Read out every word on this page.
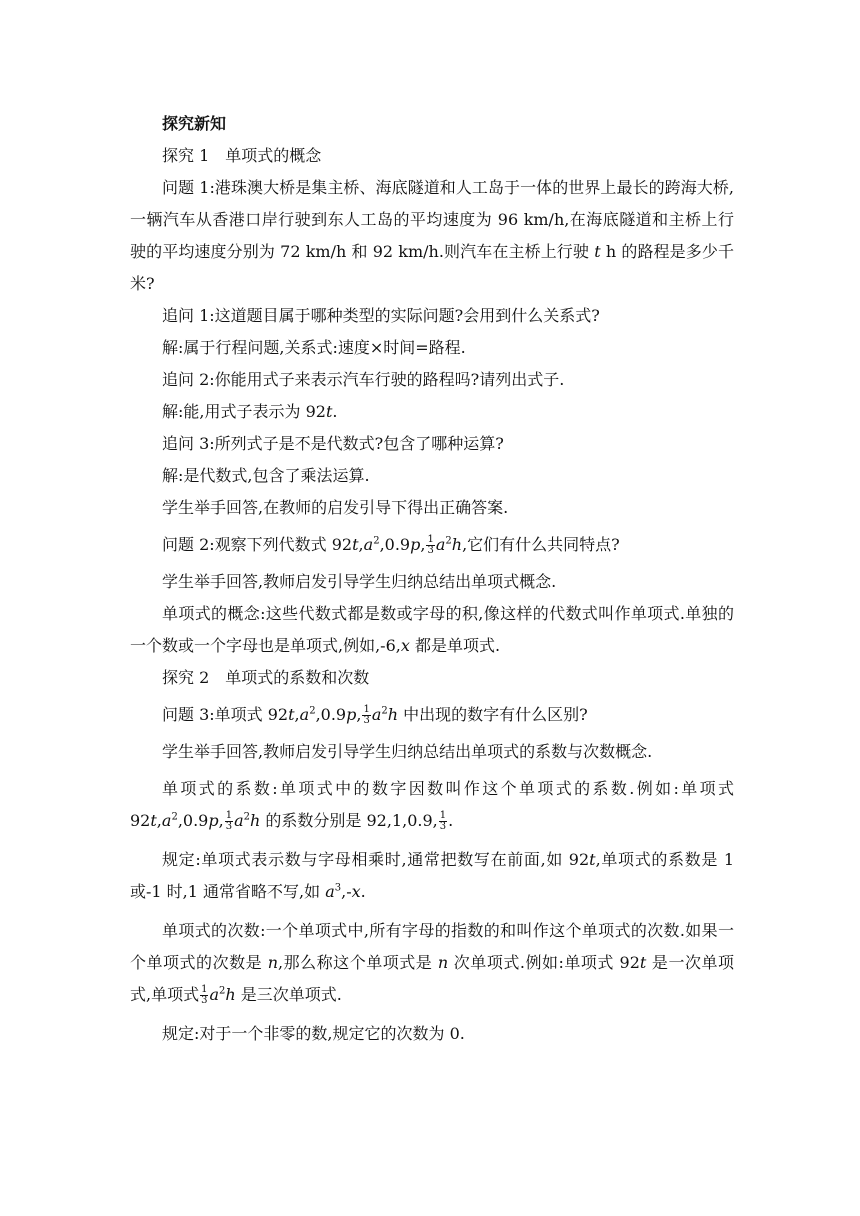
探究新知

探究 1　单项式的概念

问题 1:港珠澳大桥是集主桥、海底隧道和人工岛于一体的世界上最长的跨海大桥,一辆汽车从香港口岸行驶到东人工岛的平均速度为 96 km/h,在海底隧道和主桥上行驶的平均速度分别为 72 km/h 和 92 km/h.则汽车在主桥上行驶 t h 的路程是多少千米?

追问 1:这道题目属于哪种类型的实际问题?会用到什么关系式?

解:属于行程问题,关系式:速度×时间=路程.

追问 2:你能用式子来表示汽车行驶的路程吗?请列出式子.

解:能,用式子表示为 92t.

追问 3:所列式子是不是代数式?包含了哪种运算?

解:是代数式,包含了乘法运算.

学生举手回答,在教师的启发引导下得出正确答案.

问题 2:观察下列代数式 $92t,a^2,0.9p$, $\frac{1}{3} a^2h$,它们有什么共同特点?

学生举手回答,教师启发引导学生归纳总结出单项式概念.

单项式的概念:这些代数式都是数或字母的积,像这样的代数式叫作单项式.单独的一个数或一个字母也是单项式,例如,-6,x 都是单项式.

探究 2　单项式的系数和次数

问题 3:单项式 $92t,a^2,0.9p$, $\frac{1}{3} a^2h$ 中出现的数字有什么区别?

学生举手回答,教师启发引导学生归纳总结出单项式的系数与次数概念.

单项式的系数:单项式中的数字因数叫作这个单项式的系数.例如:单项式 $92t,a^2,0.9p$, $\frac{1}{3} a^2h$ 的系数分别是 92,1,0.9, $\frac{1}{3}$ .

规定:单项式表示数与字母相乘时,通常把数写在前面,如 92t,单项式的系数是 1 或-1 时,1 通常省略不写,如 $a^3,-x$.

单项式的次数:一个单项式中,所有字母的指数的和叫作这个单项式的次数.如果一个单项式的次数是 n,那么称这个单项式是 n 次单项式.例如:单项式 92t 是一次单项式,单项式 $\frac{1}{3} a^2h$ 是三次单项式.

规定:对于一个非零的数,规定它的次数为 0.
